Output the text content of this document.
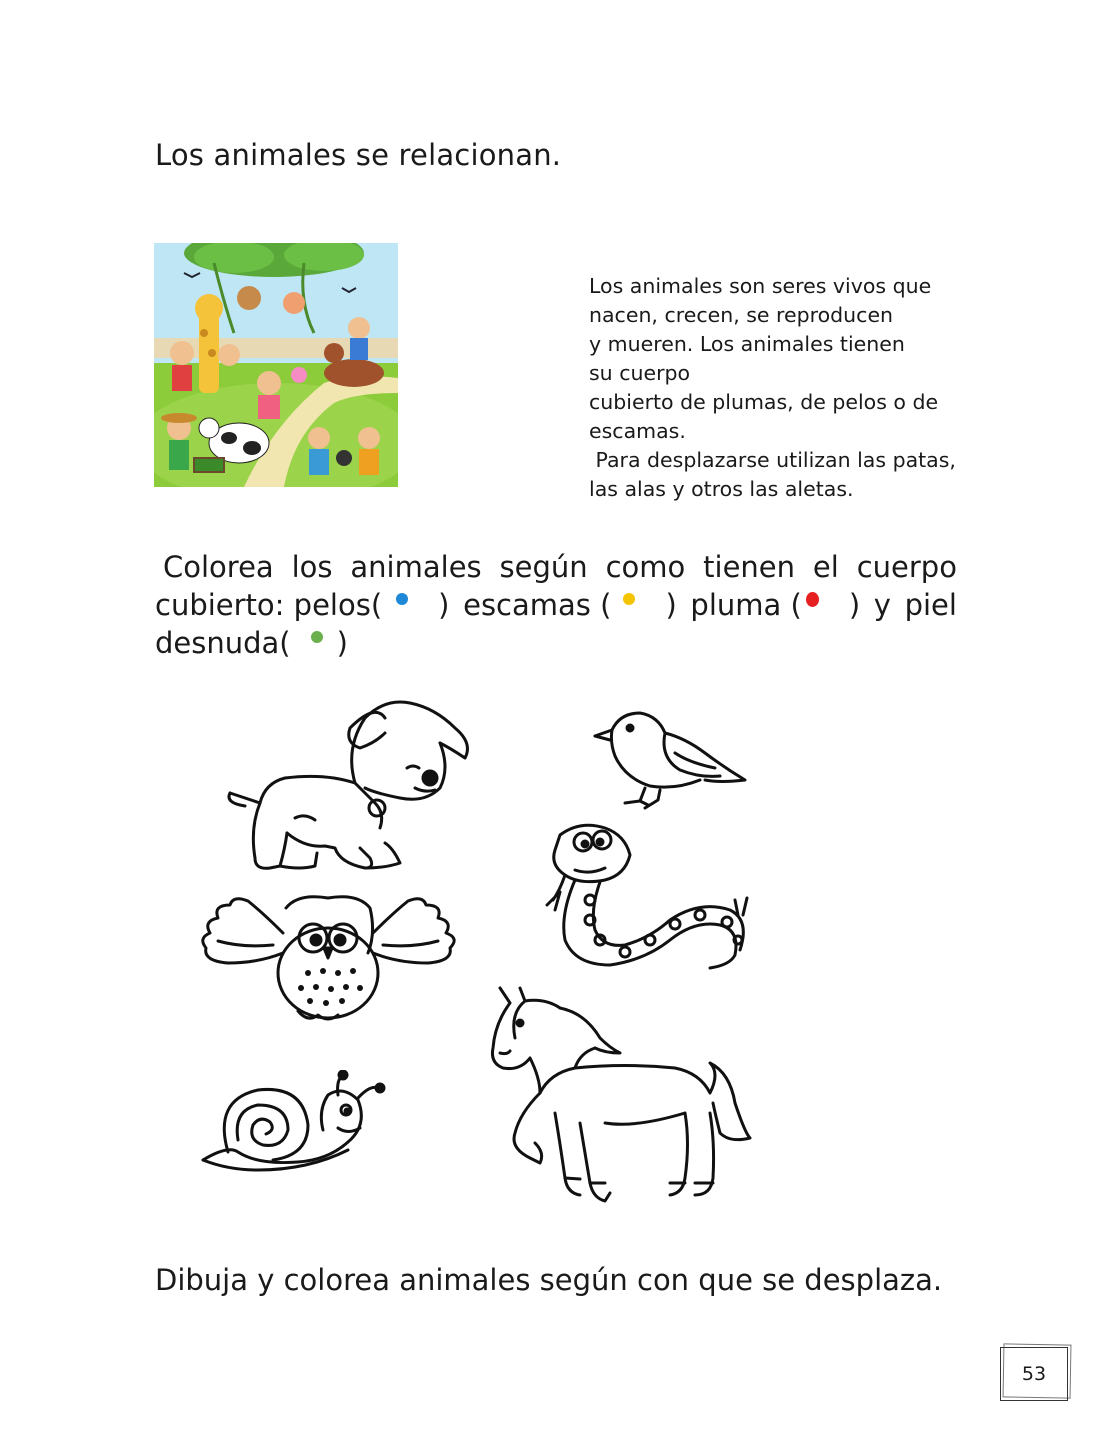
Los animales se relacionan.
Los animales son seres vivos que
nacen, crecen, se reproducen
y mueren. Los animales tienen
su cuerpo
cubierto de plumas, de pelos o de
escamas.
Para desplazarse utilizan las patas,
las alas y otros las aletas.
Colorea los animales según como tienen el cuerpo
cubierto: pelos( ) escamas ( ) pluma ( ) y piel
desnuda( )
Dibuja y colorea animales según con que se desplaza.
53
